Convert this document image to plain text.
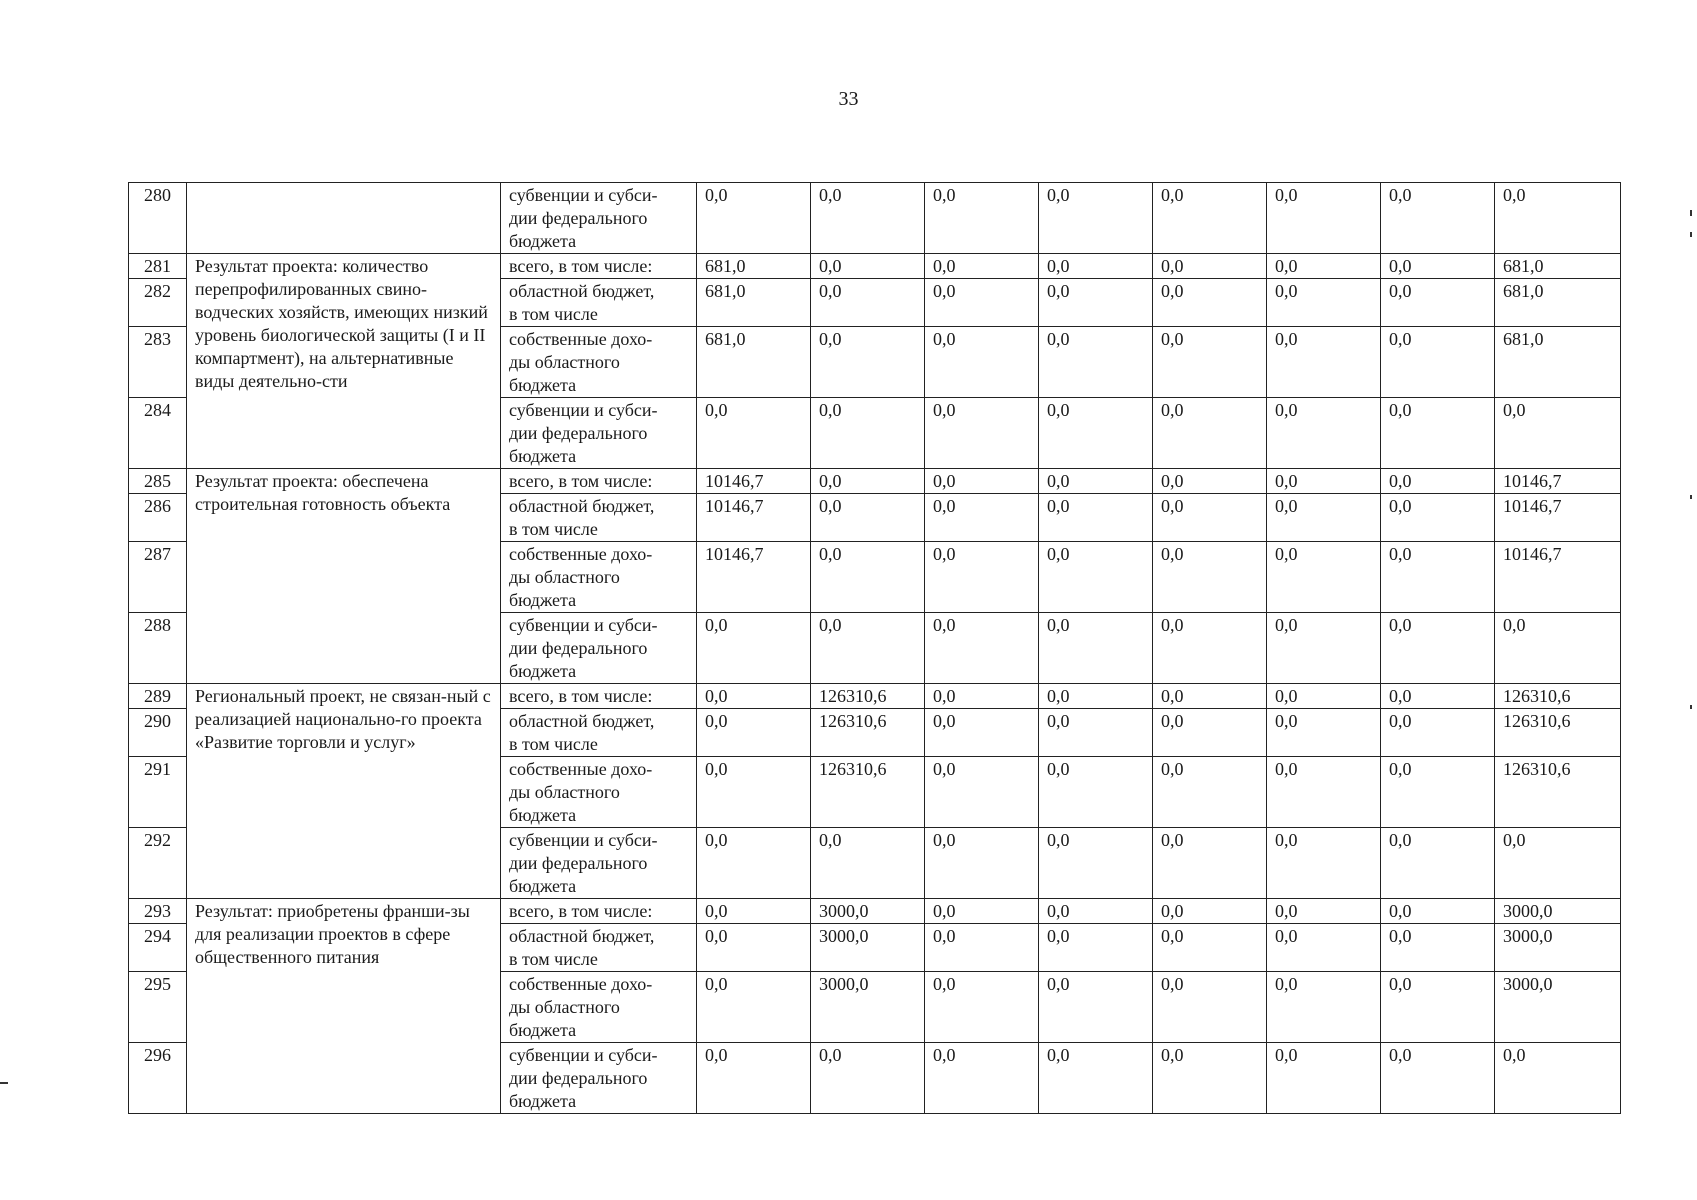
33
280		субвенции и субси-
дии федерального
бюджета	0,0	0,0	0,0	0,0	0,0	0,0	0,0	0,0
281	Результат проекта: количество перепрофилированных свино-водческих хозяйств, имеющих низкий уровень биологической защиты (I и II компартмент), на альтернативные виды деятельно-сти	всего, в том числе:	681,0	0,0	0,0	0,0	0,0	0,0	0,0	681,0
282		областной бюджет,
в том числе	681,0	0,0	0,0	0,0	0,0	0,0	0,0	681,0
283		собственные дохо-
ды областного
бюджета	681,0	0,0	0,0	0,0	0,0	0,0	0,0	681,0
284		субвенции и субси-
дии федерального
бюджета	0,0	0,0	0,0	0,0	0,0	0,0	0,0	0,0
285	Результат проекта: обеспечена строительная готовность объекта	всего, в том числе:	10146,7	0,0	0,0	0,0	0,0	0,0	0,0	10146,7
286		областной бюджет,
в том числе	10146,7	0,0	0,0	0,0	0,0	0,0	0,0	10146,7
287		собственные дохо-
ды областного
бюджета	10146,7	0,0	0,0	0,0	0,0	0,0	0,0	10146,7
288		субвенции и субси-
дии федерального
бюджета	0,0	0,0	0,0	0,0	0,0	0,0	0,0	0,0
289	Региональный проект, не связан-ный с реализацией национально-го проекта «Развитие торговли и услуг»	всего, в том числе:	0,0	126310,6	0,0	0,0	0,0	0,0	0,0	126310,6
290		областной бюджет,
в том числе	0,0	126310,6	0,0	0,0	0,0	0,0	0,0	126310,6
291		собственные дохо-
ды областного
бюджета	0,0	126310,6	0,0	0,0	0,0	0,0	0,0	126310,6
292		субвенции и субси-
дии федерального
бюджета	0,0	0,0	0,0	0,0	0,0	0,0	0,0	0,0
293	Результат: приобретены франши-зы для реализации проектов в сфере общественного питания	всего, в том числе:	0,0	3000,0	0,0	0,0	0,0	0,0	0,0	3000,0
294		областной бюджет,
в том числе	0,0	3000,0	0,0	0,0	0,0	0,0	0,0	3000,0
295		собственные дохо-
ды областного
бюджета	0,0	3000,0	0,0	0,0	0,0	0,0	0,0	3000,0
296		субвенции и субси-
дии федерального
бюджета	0,0	0,0	0,0	0,0	0,0	0,0	0,0	0,0
